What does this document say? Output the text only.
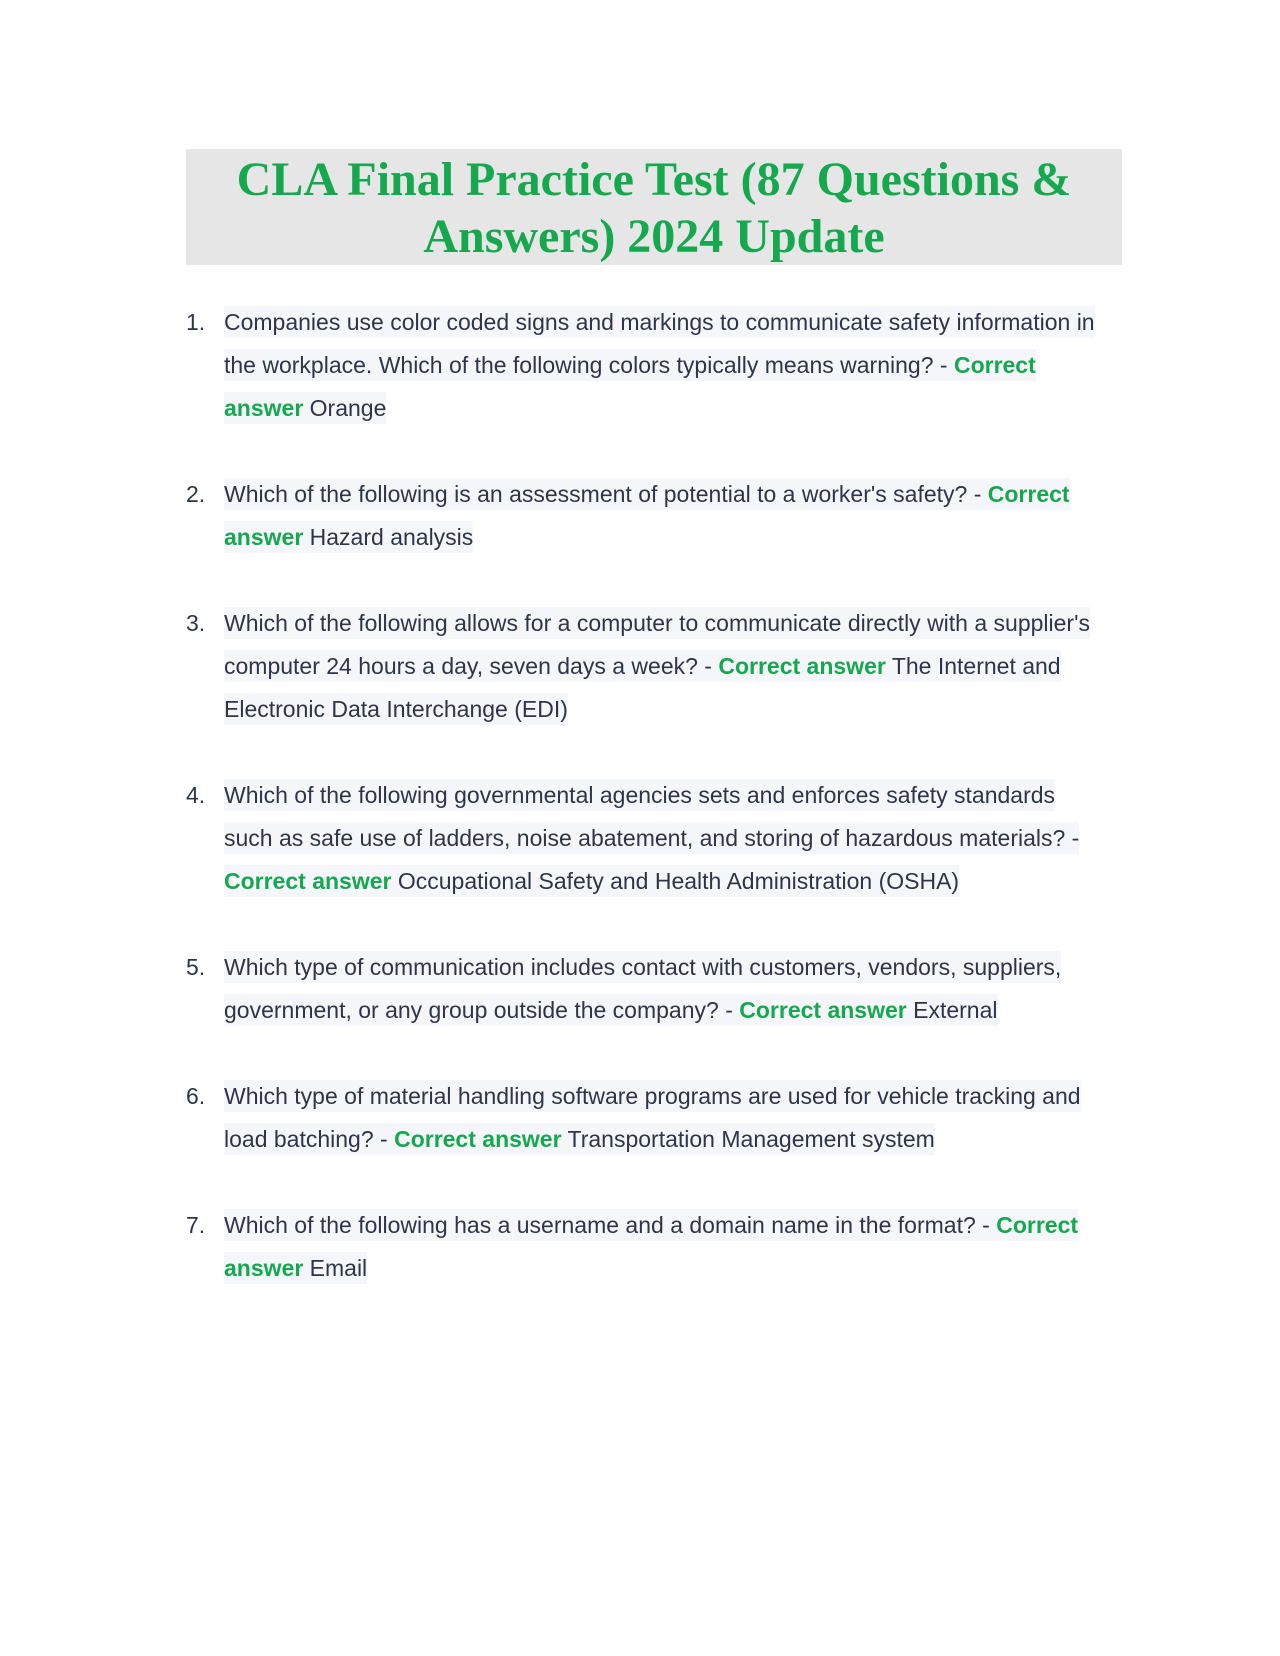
CLA Final Practice Test (87 Questions & Answers) 2024 Update
1. Companies use color coded signs and markings to communicate safety information in the workplace. Which of the following colors typically means warning? - Correct answer Orange
2. Which of the following is an assessment of potential to a worker's safety? - Correct answer Hazard analysis
3. Which of the following allows for a computer to communicate directly with a supplier's computer 24 hours a day, seven days a week? - Correct answer The Internet and Electronic Data Interchange (EDI)
4. Which of the following governmental agencies sets and enforces safety standards such as safe use of ladders, noise abatement, and storing of hazardous materials? - Correct answer Occupational Safety and Health Administration (OSHA)
5. Which type of communication includes contact with customers, vendors, suppliers, government, or any group outside the company? - Correct answer External
6. Which type of material handling software programs are used for vehicle tracking and load batching? - Correct answer Transportation Management system
7. Which of the following has a username and a domain name in the format? - Correct answer Email
